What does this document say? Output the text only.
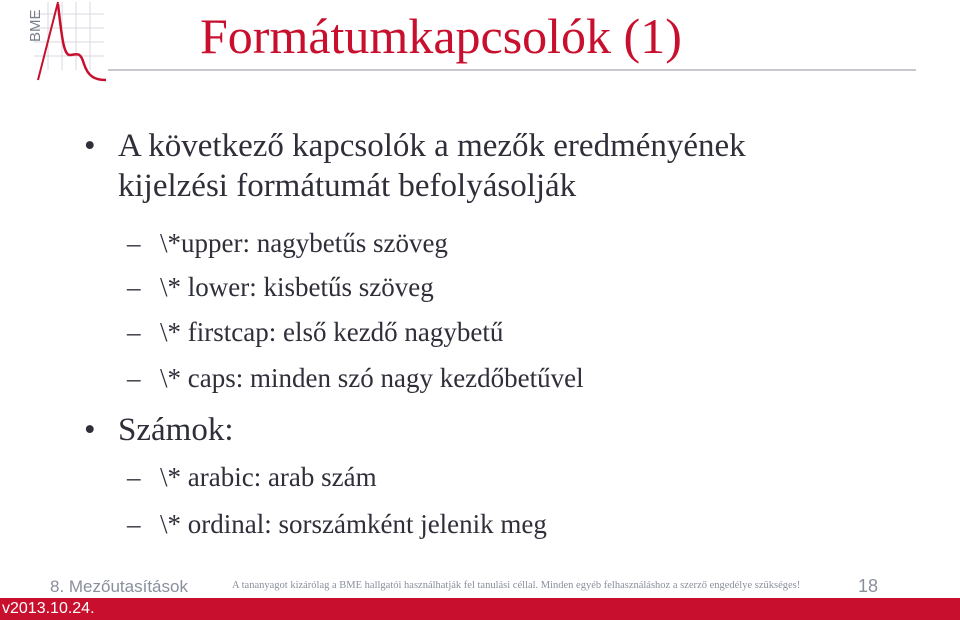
BME	Formátumkapcsolók (1)
• A következő kapcsolók a mezők eredményének kijelzési formátumát befolyásolják
– \*upper: nagybetűs szöveg
– \* lower: kisbetűs szöveg
– \* firstcap: első kezdő nagybetű
– \* caps: minden szó nagy kezdőbetűvel
• Számok:
– \* arabic: arab szám
– \* ordinal: sorszámként jelenik meg
8. Mezőutasítások	A tananyagot kizárólag a BME hallgatói használhatják fel tanulási céllal. Minden egyéb felhasználáshoz a szerző engedélye szükséges!	18
v2013.10.24.
